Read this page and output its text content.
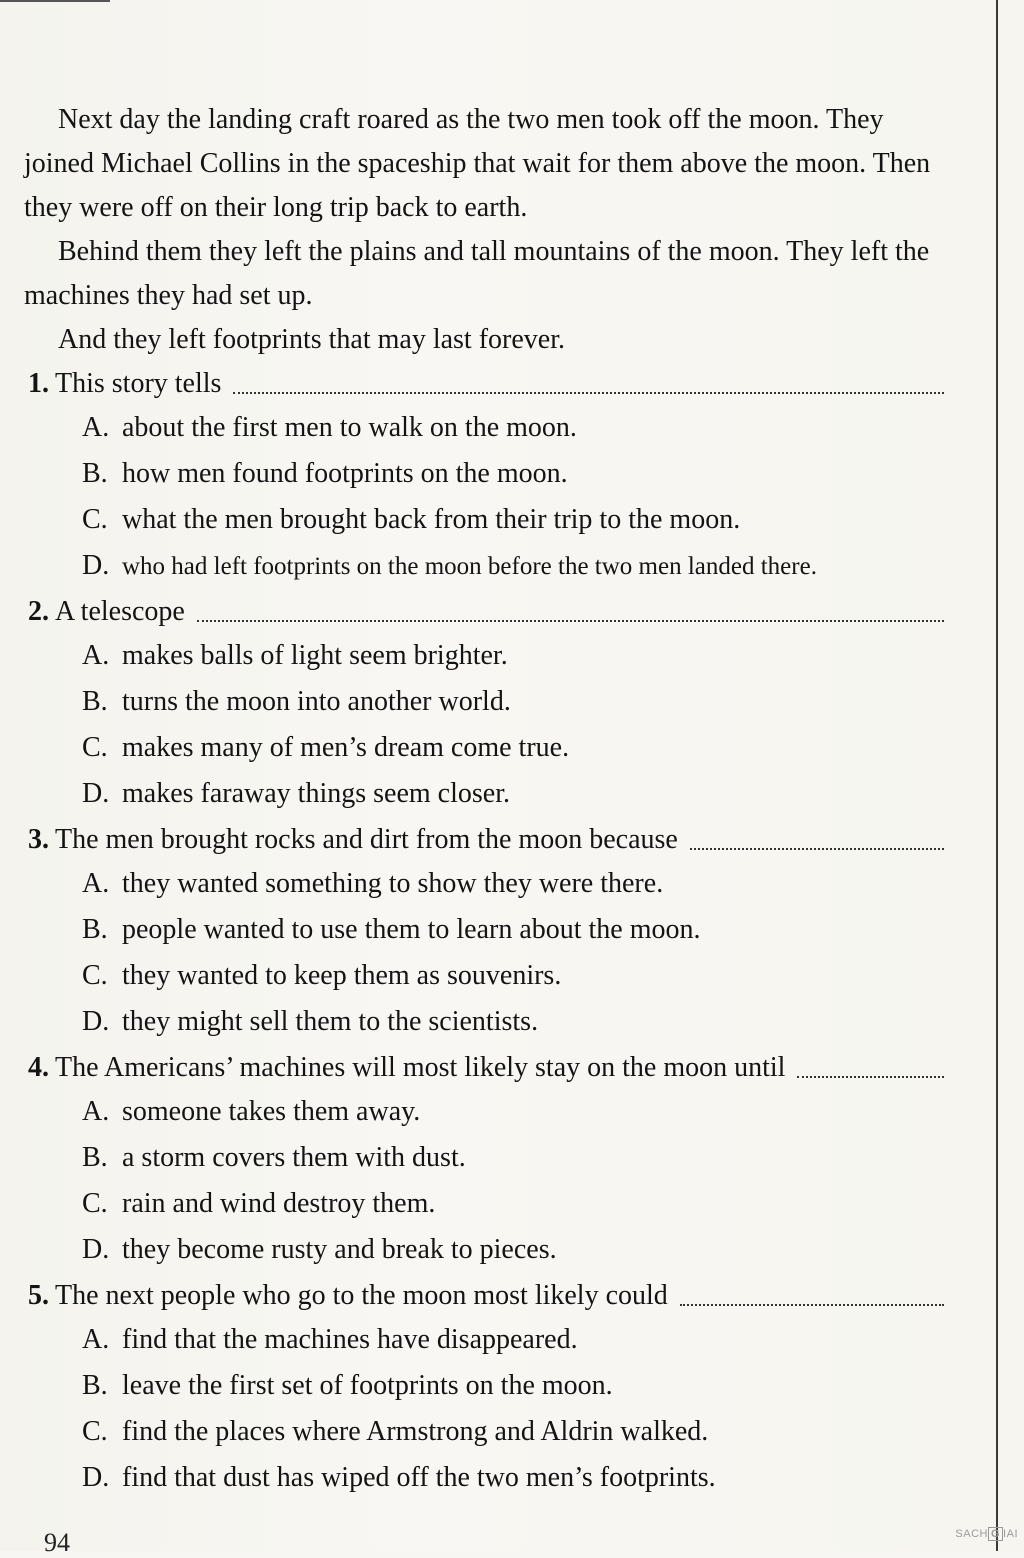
Next day the landing craft roared as the two men took off the moon. They joined Michael Collins in the spaceship that wait for them above the moon. Then they were off on their long trip back to earth.

Behind them they left the plains and tall mountains of the moon. They left the machines they had set up.

And they left footprints that may last forever.

1. This story tells
A. about the first men to walk on the moon.
B. how men found footprints on the moon.
C. what the men brought back from their trip to the moon.
D. who had left footprints on the moon before the two men landed there.
2. A telescope
A. makes balls of light seem brighter.
B. turns the moon into another world.
C. makes many of men’s dream come true.
D. makes faraway things seem closer.
3. The men brought rocks and dirt from the moon because
A. they wanted something to show they were there.
B. people wanted to use them to learn about the moon.
C. they wanted to keep them as souvenirs.
D. they might sell them to the scientists.
4. The Americans’ machines will most likely stay on the moon until
A. someone takes them away.
B. a storm covers them with dust.
C. rain and wind destroy them.
D. they become rusty and break to pieces.
5. The next people who go to the moon most likely could
A. find that the machines have disappeared.
B. leave the first set of footprints on the moon.
C. find the places where Armstrong and Aldrin walked.
D. find that dust has wiped off the two men’s footprints.
94	SACH G IAI
